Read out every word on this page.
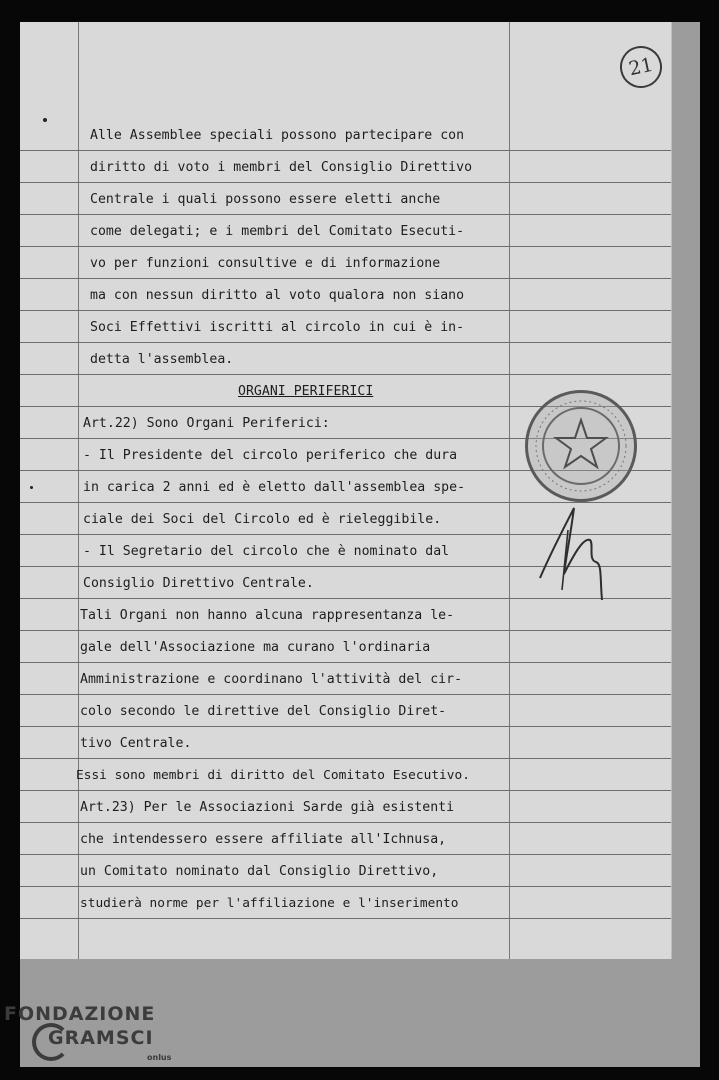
21
Alle Assemblee speciali possono partecipare con
diritto di voto i membri del Consiglio Direttivo
Centrale i quali possono essere eletti anche
come delegati; e i membri del Comitato Esecuti-
vo per funzioni consultive e di informazione
ma con nessun diritto al voto qualora non siano
Soci Effettivi iscritti al circolo in cui è in-
detta l'assemblea.
ORGANI PERIFERICI
Art.22) Sono Organi Periferici:
- Il Presidente del circolo periferico che dura
in carica 2 anni ed è eletto dall'assemblea spe-
ciale dei Soci del Circolo ed è rieleggibile.
- Il Segretario del circolo che è nominato dal
Consiglio Direttivo Centrale.
Tali Organi non hanno alcuna rappresentanza le-
gale dell'Associazione ma curano l'ordinaria
Amministrazione e coordinano l'attività del cir-
colo secondo le direttive del Consiglio Diret-
tivo Centrale.
Essi sono membri di diritto del Comitato Esecutivo.
Art.23) Per le Associazioni Sarde già esistenti
che intendessero essere affiliate all'Ichnusa,
un Comitato nominato dal Consiglio Direttivo,
studierà norme per l'affiliazione e l'inserimento
FONDAZIONE
GRAMSCI
onlus
